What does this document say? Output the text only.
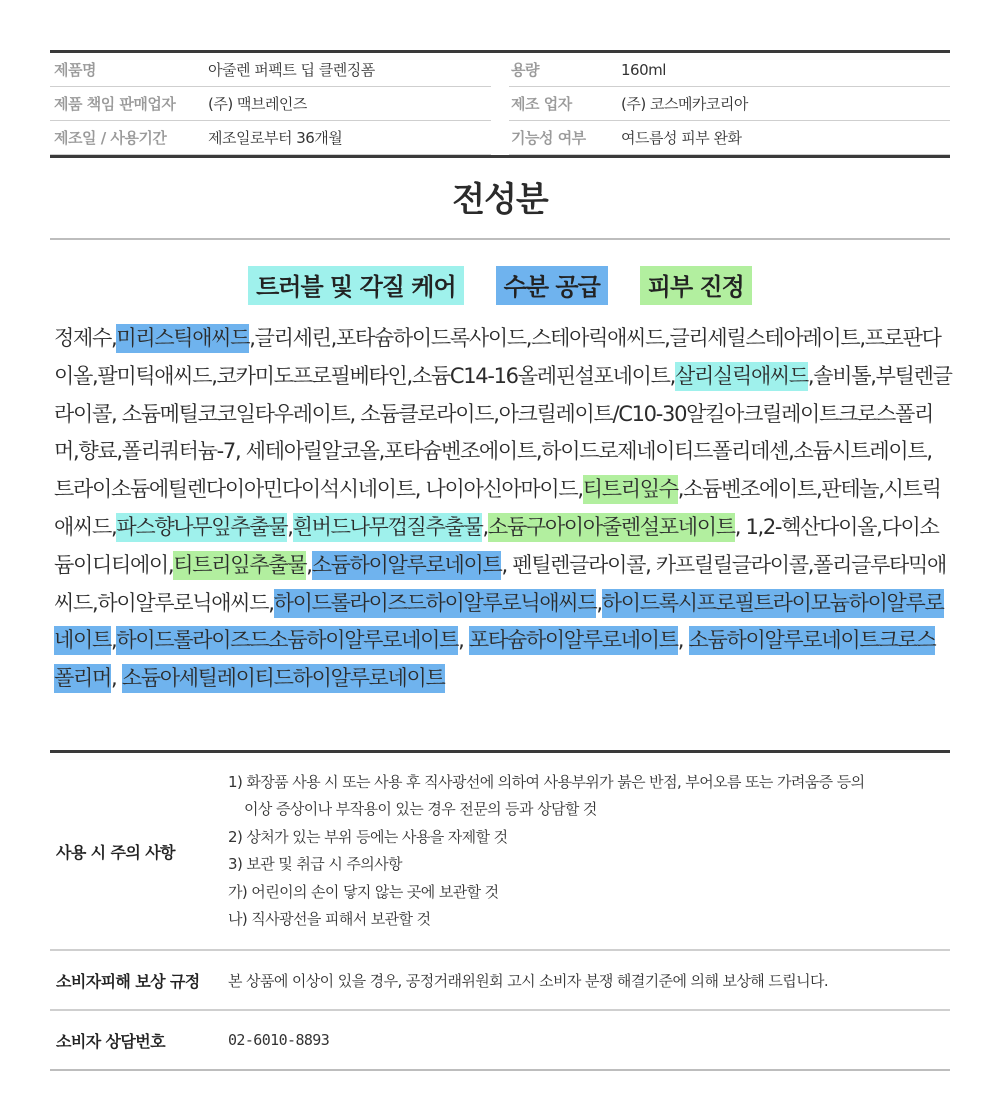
제품명	아줄렌 퍼펙트 딥 클렌징폼	용량	160ml
제품 책임 판매업자	(주) 맥브레인즈	제조 업자	(주) 코스메카코리아
제조일 / 사용기간	제조일로부터 36개월	기능성 여부	여드름성 피부 완화
전성분
트러블 및 각질 케어	수분 공급	피부 진정
정제수,미리스틱애씨드,글리세린,포타슘하이드록사이드,스테아릭애씨드,글리세릴스테아레이트,프로판다이올,팔미틱애씨드,코카미도프로필베타인,소듐C14-16올레핀설포네이트,살리실릭애씨드,솔비톨,부틸렌글라이콜, 소듐메틸코코일타우레이트, 소듐클로라이드,아크릴레이트/C10-30알킬아크릴레이트크로스폴리머,향료,폴리쿼터늄-7, 세테아릴알코올,포타슘벤조에이트,하이드로제네이티드폴리데센,소듐시트레이트, 트라이소듐에틸렌다이아민다이석시네이트, 나이아신아마이드,티트리잎수,소듐벤조에이트,판테놀,시트릭애씨드,파스향나무잎추출물,흰버드나무껍질추출물,소듐구아이아줄렌설포네이트, 1,2-헥산다이올,다이소듐이디티에이,티트리잎추출물,소듐하이알루로네이트, 펜틸렌글라이콜, 카프릴릴글라이콜,폴리글루타믹애씨드,하이알루로닉애씨드,하이드롤라이즈드하이알루로닉애씨드,하이드록시프로필트라이모늄하이알루로네이트,하이드롤라이즈드소듐하이알루로네이트, 포타슘하이알루로네이트, 소듐하이알루로네이트크로스폴리머, 소듐아세틸레이티드하이알루로네이트
사용 시 주의 사항
1) 화장품 사용 시 또는 사용 후 직사광선에 의하여 사용부위가 붉은 반점, 부어오름 또는 가려움증 등의
이상 증상이나 부작용이 있는 경우 전문의 등과 상담할 것
2) 상처가 있는 부위 등에는 사용을 자제할 것
3) 보관 및 취급 시 주의사항
가) 어린이의 손이 닿지 않는 곳에 보관할 것
나) 직사광선을 피해서 보관할 것
소비자피해 보상 규정	본 상품에 이상이 있을 경우, 공정거래위원회 고시 소비자 분쟁 해결기준에 의해 보상해 드립니다.
소비자 상담번호	02-6010-8893
